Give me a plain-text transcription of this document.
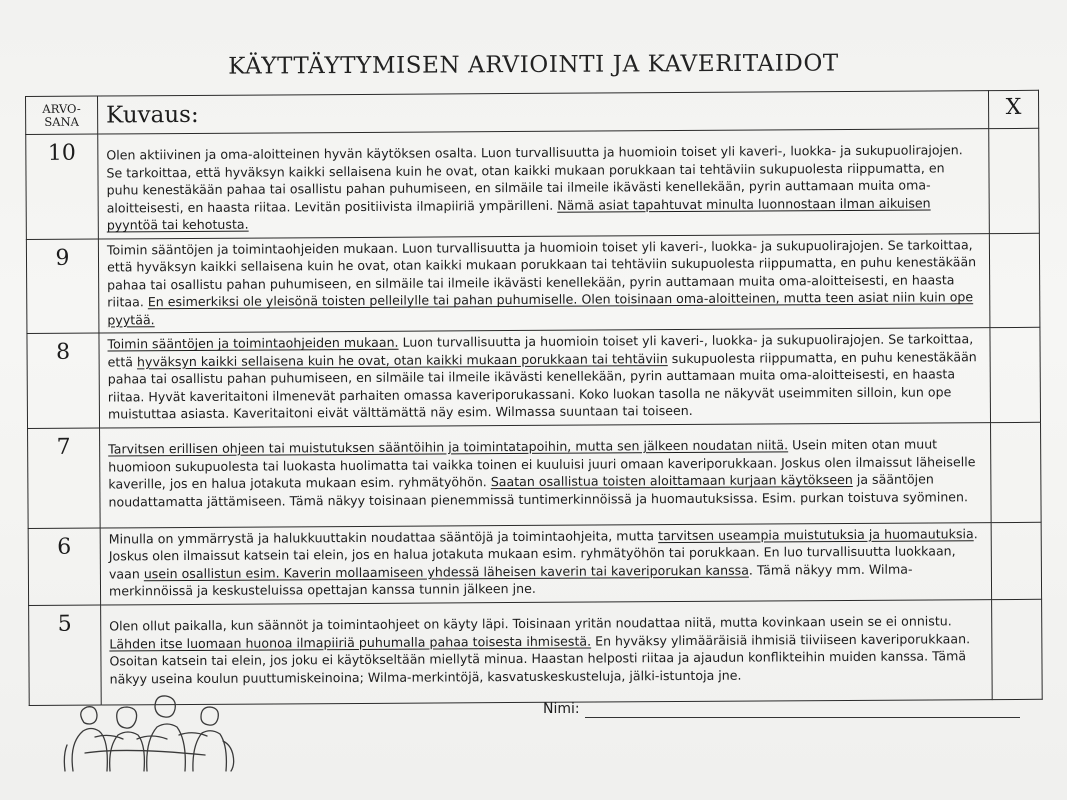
KÄYTTÄYTYMISEN ARVIOINTI JA KAVERITAIDOT
ARVO-
SANA	Kuvaus:	X
10	Olen aktiivinen ja oma-aloitteinen hyvän käytöksen osalta. Luon turvallisuutta ja huomioin toiset yli kaveri-, luokka- ja sukupuolirajojen. Se tarkoittaa, että hyväksyn kaikki sellaisena kuin he ovat, otan kaikki mukaan porukkaan tai tehtäviin sukupuolesta riippumatta, en puhu kenestäkään pahaa tai osallistu pahan puhumiseen, en silmäile tai ilmeile ikävästi kenellekään, pyrin auttamaan muita oma-aloitteisesti, en haasta riitaa. Levitän positiivista ilmapiiriä ympärilleni. Nämä asiat tapahtuvat minulta luonnostaan ilman aikuisen pyyntöä tai kehotusta.	
9	Toimin sääntöjen ja toimintaohjeiden mukaan. Luon turvallisuutta ja huomioin toiset yli kaveri-, luokka- ja sukupuolirajojen. Se tarkoittaa, että hyväksyn kaikki sellaisena kuin he ovat, otan kaikki mukaan porukkaan tai tehtäviin sukupuolesta riippumatta, en puhu kenestäkään pahaa tai osallistu pahan puhumiseen, en silmäile tai ilmeile ikävästi kenellekään, pyrin auttamaan muita oma-aloitteisesti, en haasta riitaa. En esimerkiksi ole yleisönä toisten pelleilylle tai pahan puhumiselle. Olen toisinaan oma-aloitteinen, mutta teen asiat niin kuin ope pyytää.	
8	Toimin sääntöjen ja toimintaohjeiden mukaan. Luon turvallisuutta ja huomioin toiset yli kaveri-, luokka- ja sukupuolirajojen. Se tarkoittaa, että hyväksyn kaikki sellaisena kuin he ovat, otan kaikki mukaan porukkaan tai tehtäviin sukupuolesta riippumatta, en puhu kenestäkään pahaa tai osallistu pahan puhumiseen, en silmäile tai ilmeile ikävästi kenellekään, pyrin auttamaan muita oma-aloitteisesti, en haasta riitaa. Hyvät kaveritaitoni ilmenevät parhaiten omassa kaveriporukassani. Koko luokan tasolla ne näkyvät useimmiten silloin, kun ope muistuttaa asiasta. Kaveritaitoni eivät välttämättä näy esim. Wilmassa suuntaan tai toiseen.	
7	Tarvitsen erillisen ohjeen tai muistutuksen sääntöihin ja toimintatapoihin, mutta sen jälkeen noudatan niitä. Usein miten otan muut huomioon sukupuolesta tai luokasta huolimatta tai vaikka toinen ei kuuluisi juuri omaan kaveriporukkaan. Joskus olen ilmaissut läheiselle kaverille, jos en halua jotakuta mukaan esim. ryhmätyöhön. Saatan osallistua toisten aloittamaan kurjaan käytökseen ja sääntöjen noudattamatta jättämiseen. Tämä näkyy toisinaan pienemmissä tuntimerkinnöissä ja huomautuksissa. Esim. purkan toistuva syöminen.	
6	Minulla on ymmärrystä ja halukkuuttakin noudattaa sääntöjä ja toimintaohjeita, mutta tarvitsen useampia muistutuksia ja huomautuksia. Joskus olen ilmaissut katsein tai elein, jos en halua jotakuta mukaan esim. ryhmätyöhön tai porukkaan. En luo turvallisuutta luokkaan, vaan usein osallistun esim. Kaverin mollaamiseen yhdessä läheisen kaverin tai kaveriporukan kanssa. Tämä näkyy mm. Wilma-merkinnöissä ja keskusteluissa opettajan kanssa tunnin jälkeen jne.	
5	Olen ollut paikalla, kun säännöt ja toimintaohjeet on käyty läpi. Toisinaan yritän noudattaa niitä, mutta kovinkaan usein se ei onnistu. Lähden itse luomaan huonoa ilmapiiriä puhumalla pahaa toisesta ihmisestä. En hyväksy ylimääräisiä ihmisiä tiiviiseen kaveriporukkaan. Osoitan katsein tai elein, jos joku ei käytökseltään miellytä minua. Haastan helposti riitaa ja ajaudun konflikteihin muiden kanssa. Tämä näkyy useina koulun puuttumiskeinoina; Wilma-merkintöjä, kasvatuskeskusteluja, jälki-istuntoja jne.	
Nimi:
